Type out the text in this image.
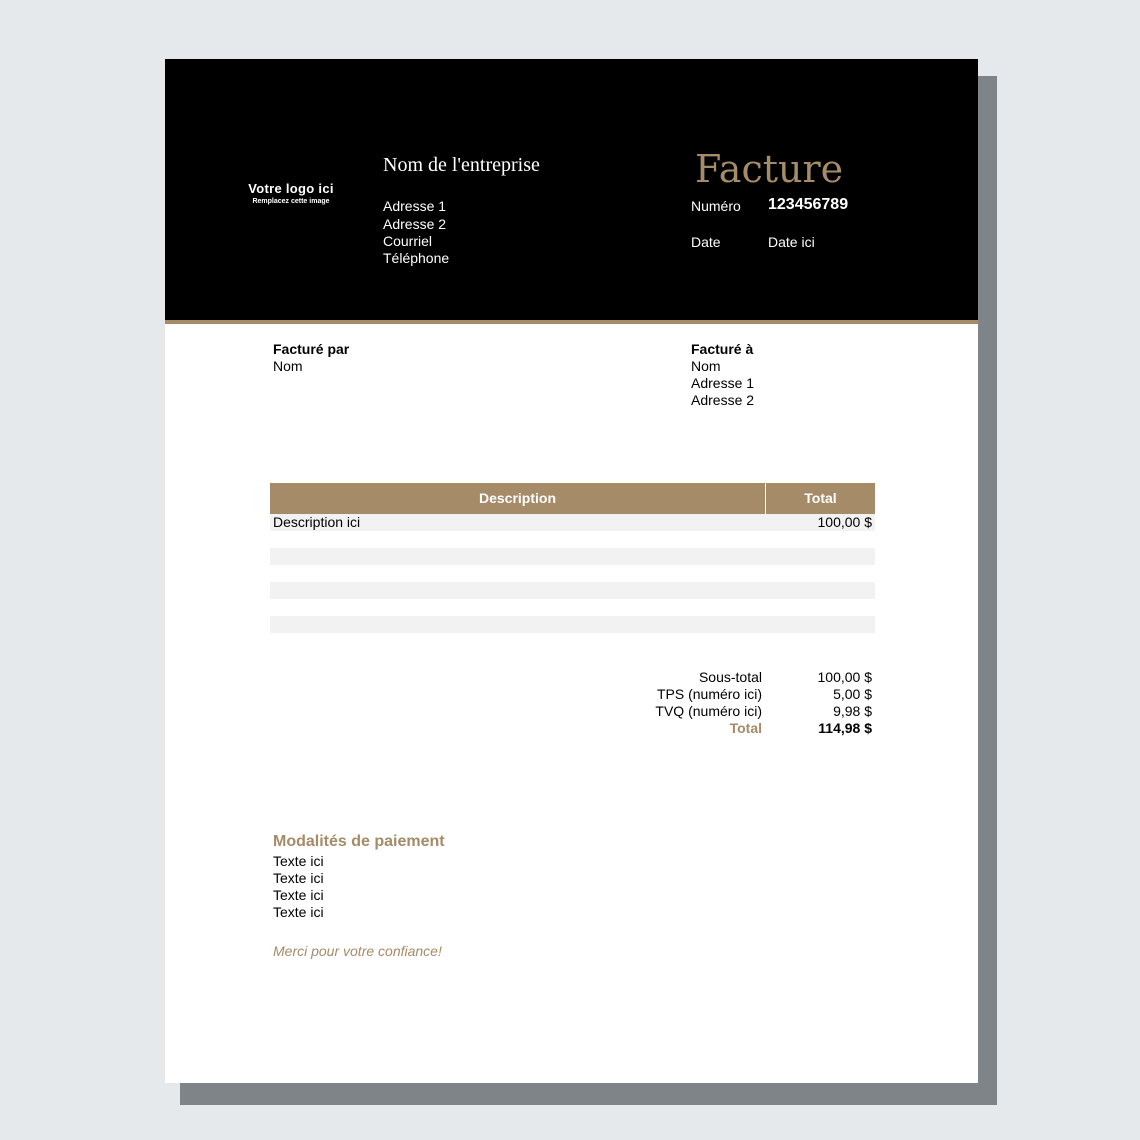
Votre logo ici
Remplacez cette image
Nom de l'entreprise
Adresse 1
Adresse 2
Courriel
Téléphone
Facture
Numéro 123456789
Date	Date ici
Facturé par
Nom
Facturé à
Nom
Adresse 1
Adresse 2
Description	Total
Description ici	100,00 $
Sous-total	100,00 $
TPS (numéro ici)	5,00 $
TVQ (numéro ici)	9,98 $
Total	114,98 $
Modalités de paiement
Texte ici
Texte ici
Texte ici
Texte ici
Merci pour votre confiance!
